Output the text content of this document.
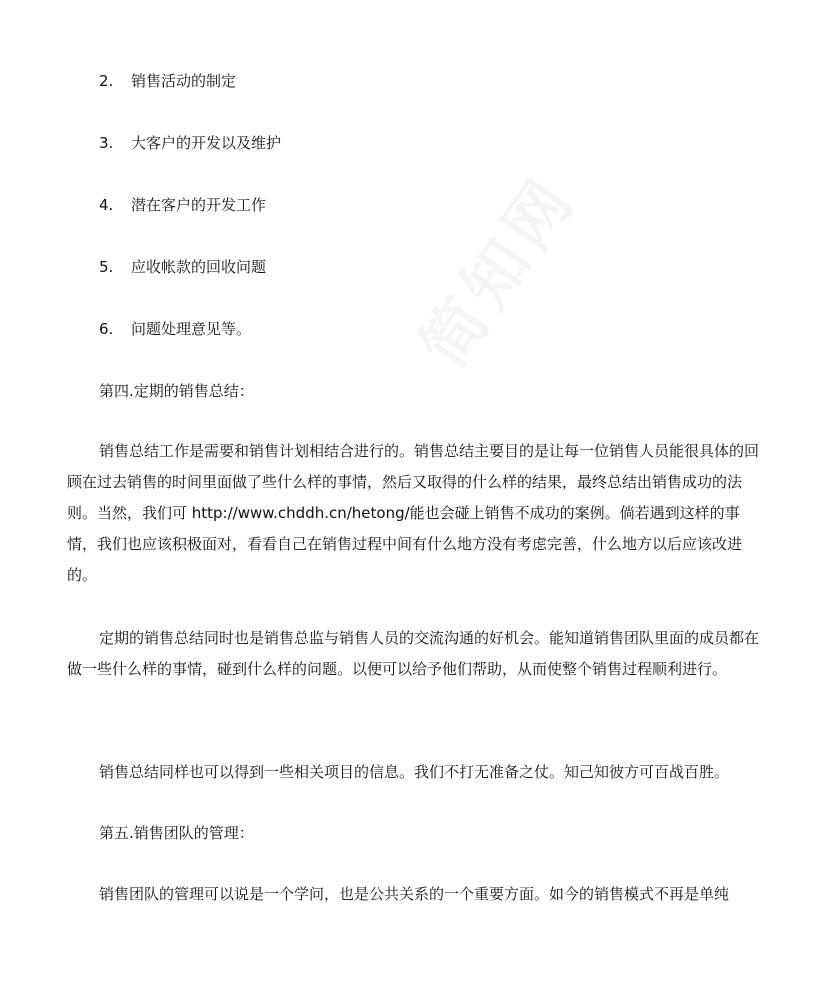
2. 销售活动的制定
3. 大客户的开发以及维护
4. 潜在客户的开发工作
5. 应收帐款的回收问题
6. 问题处理意见等。
第四.定期的销售总结：

销售总结工作是需要和销售计划相结合进行的。销售总结主要目的是让每一位销售人员能很具体的回顾在过去销售的时间里面做了些什么样的事情，然后又取得的什么样的结果，最终总结出销售成功的法则。当然，我们可 http://www.chddh.cn/hetong/能也会碰上销售不成功的案例。倘若遇到这样的事情，我们也应该积极面对，看看自己在销售过程中间有什么地方没有考虑完善，什么地方以后应该改进的。

定期的销售总结同时也是销售总监与销售人员的交流沟通的好机会。能知道销售团队里面的成员都在做一些什么样的事情，碰到什么样的问题。以便可以给予他们帮助，从而使整个销售过程顺利进行。

销售总结同样也可以得到一些相关项目的信息。我们不打无准备之仗。知己知彼方可百战百胜。

第五.销售团队的管理：

销售团队的管理可以说是一个学问，也是公共关系的一个重要方面。如今的销售模式不再是单纯
